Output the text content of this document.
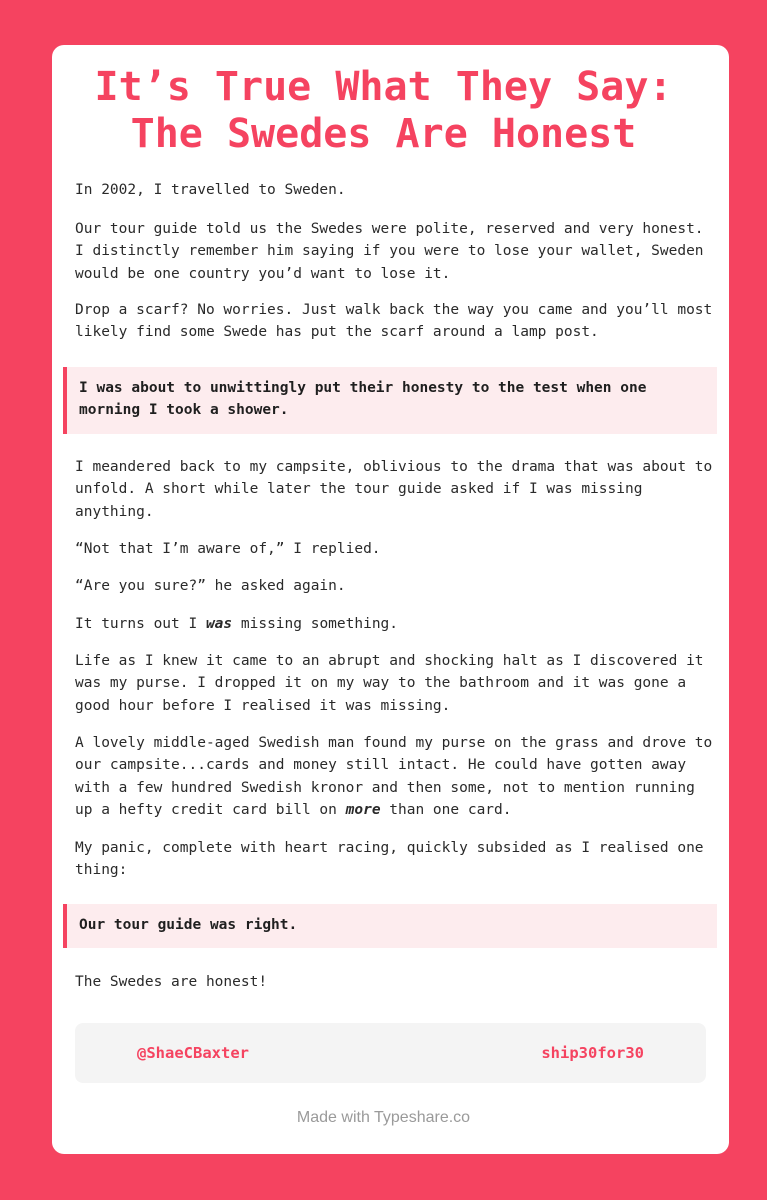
It’s True What They Say:
The Swedes Are Honest

In 2002, I travelled to Sweden.

Our tour guide told us the Swedes were polite, reserved and very honest. I distinctly remember him saying if you were to lose your wallet, Sweden would be one country you’d want to lose it.

Drop a scarf? No worries. Just walk back the way you came and you’ll most likely find some Swede has put the scarf around a lamp post.

I was about to unwittingly put their honesty to the test when one morning I took a shower.

I meandered back to my campsite, oblivious to the drama that was about to unfold. A short while later the tour guide asked if I was missing anything.

“Not that I’m aware of,” I replied.

“Are you sure?” he asked again.

It turns out I was missing something.

Life as I knew it came to an abrupt and shocking halt as I discovered it was my purse. I dropped it on my way to the bathroom and it was gone a good hour before I realised it was missing.

A lovely middle-aged Swedish man found my purse on the grass and drove to our campsite...cards and money still intact. He could have gotten away with a few hundred Swedish kronor and then some, not to mention running up a hefty credit card bill on more than one card.

My panic, complete with heart racing, quickly subsided as I realised one thing:

Our tour guide was right.

The Swedes are honest!

@ShaeCBaxter	ship30for30

Made with Typeshare.co
